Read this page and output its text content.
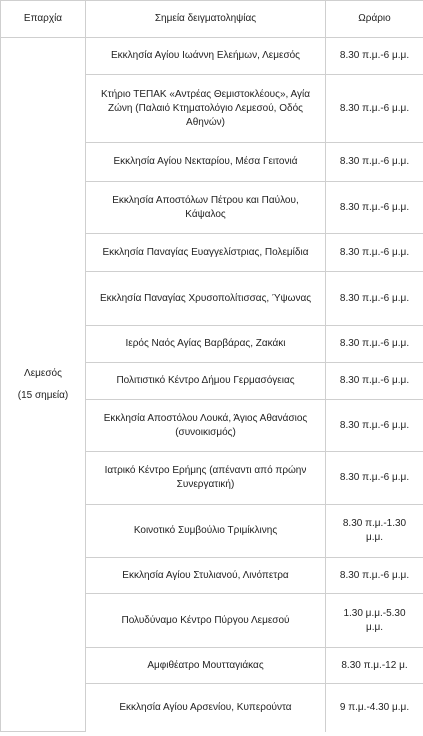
Επαρχία	Σημεία δειγματοληψίας	Ωράριο

Λεμεσός
(15 σημεία)	Εκκλησία Αγίου Ιωάννη Ελεήμων, Λεμεσός	8.30 π.μ.-6 μ.μ.
	Κτήριο ΤΕΠΑΚ «Αντρέας Θεμιστοκλέους», Αγία Ζώνη (Παλαιό Κτηματολόγιο Λεμεσού, Οδός Αθηνών)	8.30 π.μ.-6 μ.μ.
	Εκκλησία Αγίου Νεκταρίου, Μέσα Γειτονιά	8.30 π.μ.-6 μ.μ.
	Εκκλησία Αποστόλων Πέτρου και Παύλου, Κάψαλος	8.30 π.μ.-6 μ.μ.
	Εκκλησία Παναγίας Ευαγγελίστριας, Πολεμίδια	8.30 π.μ.-6 μ.μ.
	Εκκλησία Παναγίας Χρυσοπολίτισσας, Ύψωνας	8.30 π.μ.-6 μ.μ.
	Ιερός Ναός Αγίας Βαρβάρας, Ζακάκι	8.30 π.μ.-6 μ.μ.
	Πολιτιστικό Κέντρο Δήμου Γερμασόγειας	8.30 π.μ.-6 μ.μ.
	Εκκλησία Αποστόλου Λουκά, Άγιος Αθανάσιος (συνοικισμός)	8.30 π.μ.-6 μ.μ.
	Ιατρικό Κέντρο Ερήμης (απέναντι από πρώην Συνεργατική)	8.30 π.μ.-6 μ.μ.
	Κοινοτικό Συμβούλιο Τριμίκλινης	8.30 π.μ.-1.30 μ.μ.
	Εκκλησία Αγίου Στυλιανού, Λινόπετρα	8.30 π.μ.-6 μ.μ.
	Πολυδύναμο Κέντρο Πύργου Λεμεσού	1.30 μ.μ.-5.30 μ.μ.
	Αμφιθέατρο Μουτταγιάκας	8.30 π.μ.-12 μ.
	Εκκλησία Αγίου Αρσενίου, Κυπερούντα	9 π.μ.-4.30 μ.μ.
